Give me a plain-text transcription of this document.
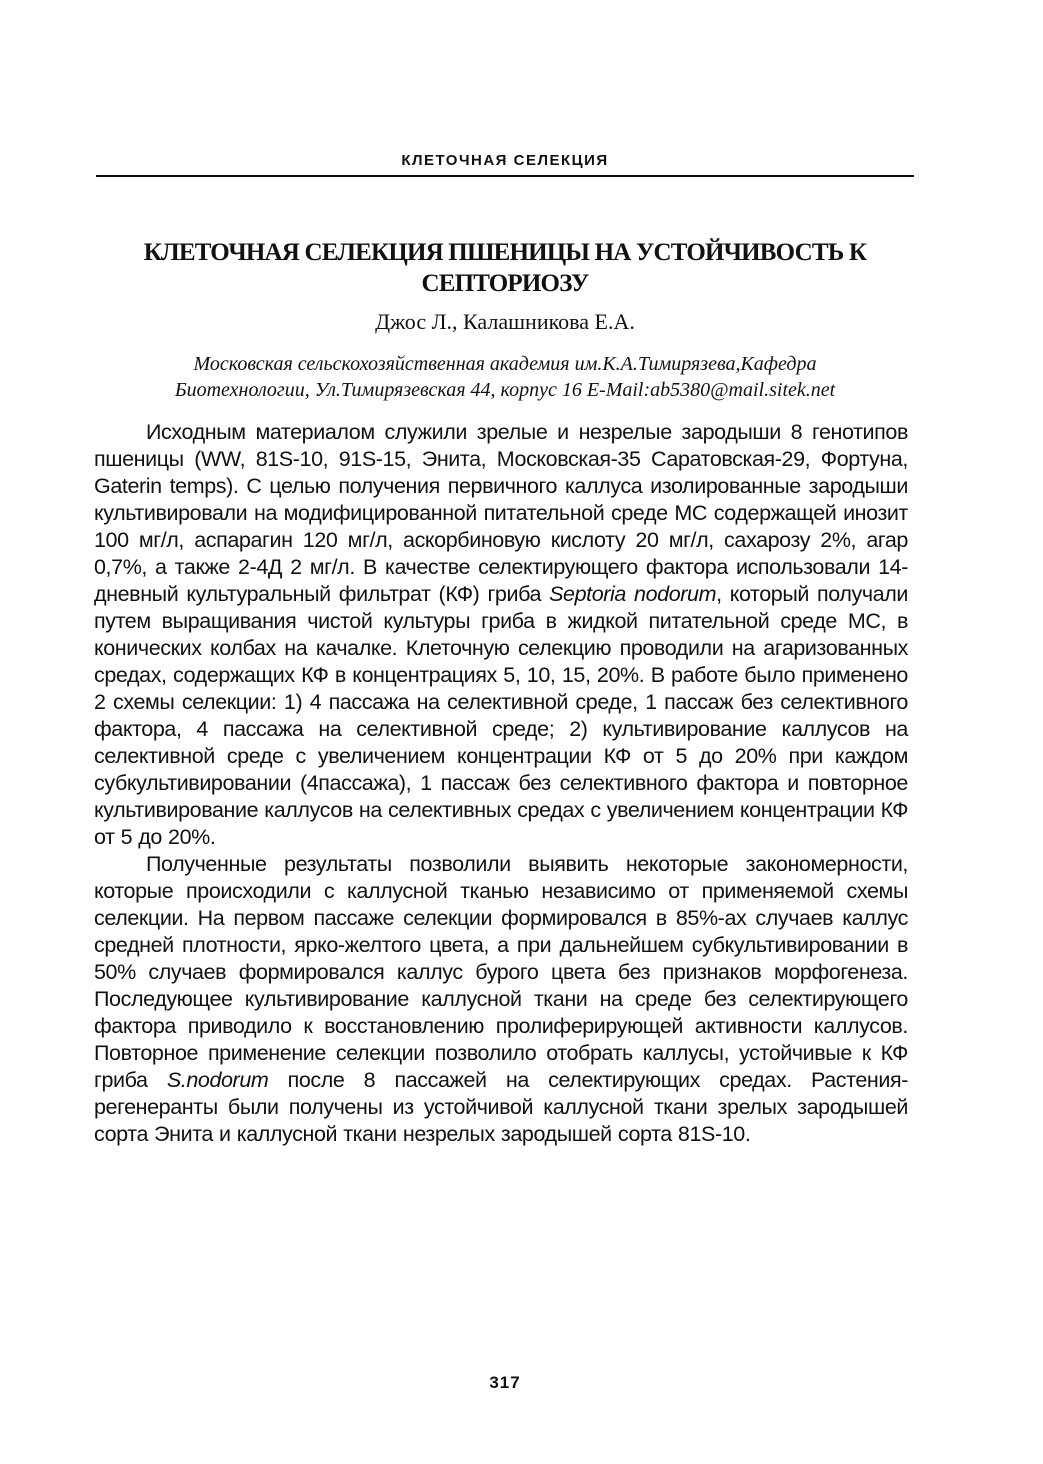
КЛЕТОЧНАЯ СЕЛЕКЦИЯ
КЛЕТОЧНАЯ СЕЛЕКЦИЯ ПШЕНИЦЫ НА УСТОЙЧИВОСТЬ К
СЕПТОРИОЗУ
Джос Л., Калашникова Е.А.
Московская сельскохозяйственная академия им.К.А.Тимирязева,Кафедра
Биотехнологии, Ул.Тимирязевская 44, корпус 16 E-Mail:ab5380@mail.sitek.net

Исходным материалом служили зрелые и незрелые зародыши 8 генотипов пшеницы (WW, 81S-10, 91S-15, Энита, Московская-35 Саратовская-29, Фортуна, Gaterin temps). С целью получения первичного каллуса изолированные зародыши культивировали на модифицированной питательной среде МС содержащей инозит 100 мг/л, аспарагин 120 мг/л, аскорбиновую кислоту 20 мг/л, сахарозу 2%, агар 0,7%, а также 2-4Д 2 мг/л. В качестве селектирующего фактора использовали 14-дневный культуральный фильтрат (КФ) гриба Septoria nodorum, который получали путем выращивания чистой культуры гриба в жидкой питательной среде МС, в конических колбах на качалке. Клеточную селекцию проводили на агаризованных средах, содержащих КФ в концентрациях 5, 10, 15, 20%. В работе было применено 2 схемы селекции: 1) 4 пассажа на селективной среде, 1 пассаж без селективного фактора, 4 пассажа на селективной среде; 2) культивирование каллусов на селективной среде с увеличением концентрации КФ от 5 до 20% при каждом субкультивировании (4пассажа), 1 пассаж без селективного фактора и повторное культивирование каллусов на селективных средах с увеличением концентрации КФ от 5 до 20%.

Полученные результаты позволили выявить некоторые закономерности, которые происходили с каллусной тканью независимо от применяемой схемы селекции. На первом пассаже селекции формировался в 85%-ах случаев каллус средней плотности, ярко-желтого цвета, а при дальнейшем субкультивировании в 50% случаев формировался каллус бурого цвета без признаков морфогенеза. Последующее культивирование каллусной ткани на среде без селектирующего фактора приводило к восстановлению пролиферирующей активности каллусов. Повторное применение селекции позволило отобрать каллусы, устойчивые к КФ гриба S.nodorum после 8 пассажей на селектирующих средах. Растения-регенеранты были получены из устойчивой каллусной ткани зрелых зародышей сорта Энита и каллусной ткани незрелых зародышей сорта 81S-10.

317
